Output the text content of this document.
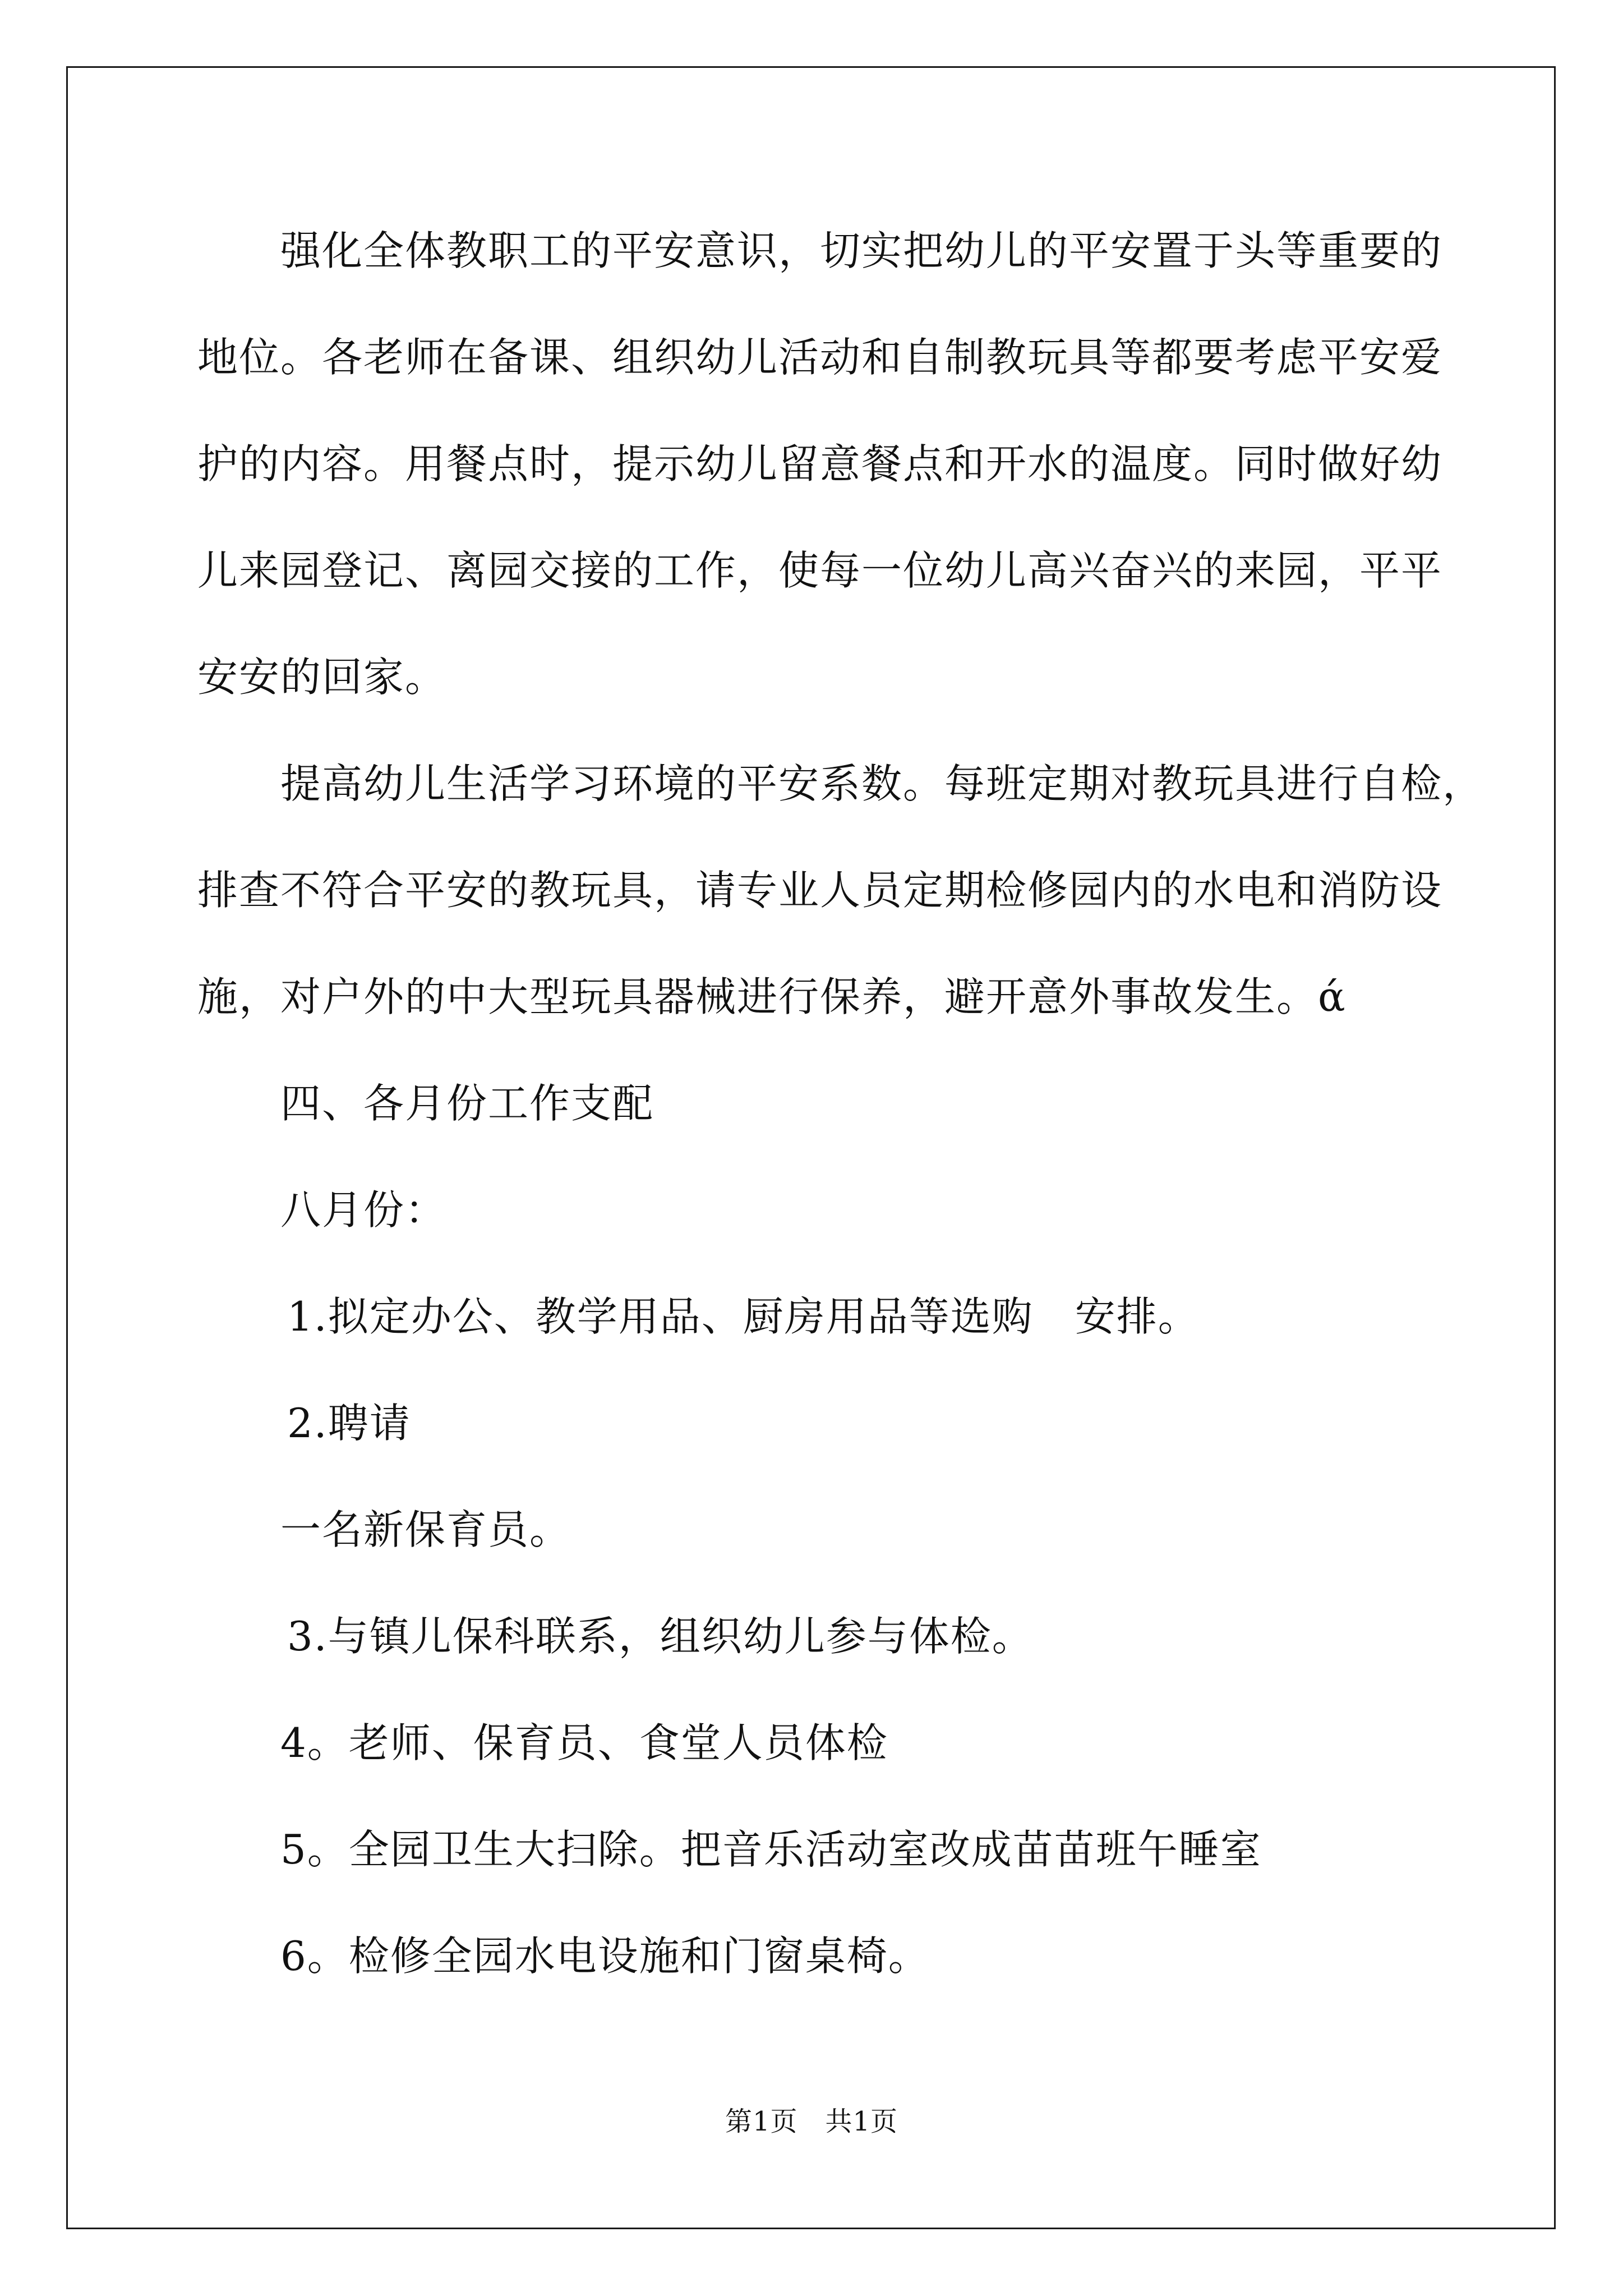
强化全体教职工的平安意识，切实把幼儿的平安置于头等重要的
地位。各老师在备课、组织幼儿活动和自制教玩具等都要考虑平安爱
护的内容。用餐点时，提示幼儿留意餐点和开水的温度。同时做好幼
儿来园登记、离园交接的工作，使每一位幼儿高兴奋兴的来园，平平
安安的回家。
提高幼儿生活学习环境的平安系数。每班定期对教玩具进行自检，
排查不符合平安的教玩具，请专业人员定期检修园内的水电和消防设
施，对户外的中大型玩具器械进行保养，避开意外事故发生。ά
四、各月份工作支配
八月份：
1.拟定办公、教学用品、厨房用品等选购　安排。
2.聘请
一名新保育员。
3.与镇儿保科联系，组织幼儿参与体检。
4。老师、保育员、食堂人员体检
5。全园卫生大扫除。把音乐活动室改成苗苗班午睡室
6。检修全园水电设施和门窗桌椅。
第1页　共1页
